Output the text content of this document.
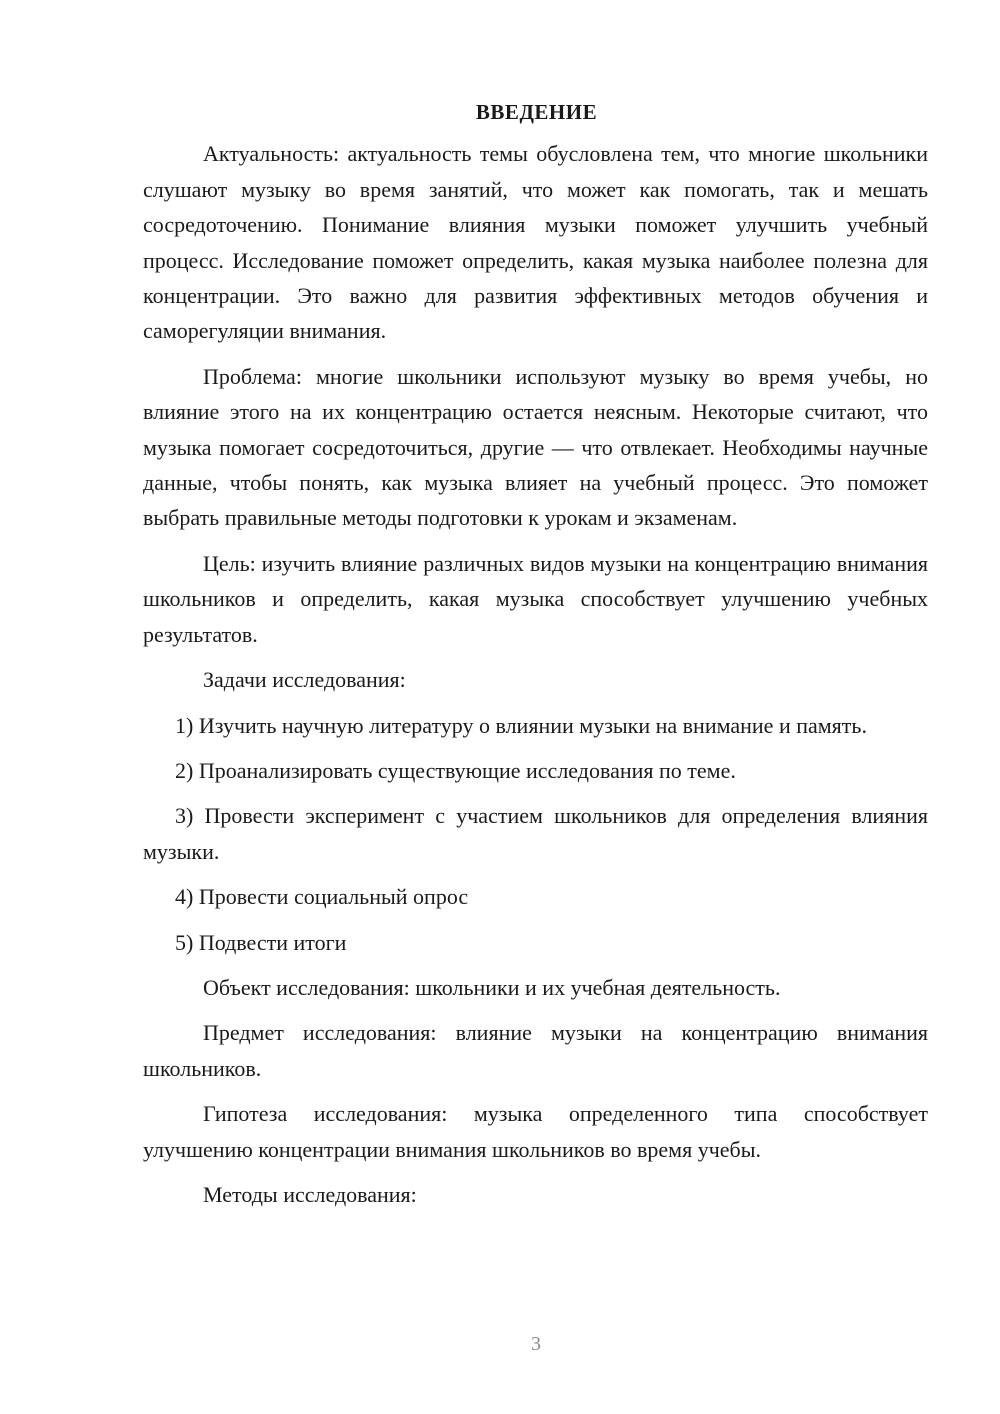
ВВЕДЕНИЕ

Актуальность: актуальность темы обусловлена тем, что многие школьники слушают музыку во время занятий, что может как помогать, так и мешать сосредоточению. Понимание влияния музыки поможет улучшить учебный процесс. Исследование поможет определить, какая музыка наиболее полезна для концентрации. Это важно для развития эффективных методов обучения и саморегуляции внимания.

Проблема: многие школьники используют музыку во время учебы, но влияние этого на их концентрацию остается неясным. Некоторые считают, что музыка помогает сосредоточиться, другие — что отвлекает. Необходимы научные данные, чтобы понять, как музыка влияет на учебный процесс. Это поможет выбрать правильные методы подготовки к урокам и экзаменам.

Цель: изучить влияние различных видов музыки на концентрацию внимания школьников и определить, какая музыка способствует улучшению учебных результатов.

Задачи исследования:

1) Изучить научную литературу о влиянии музыки на внимание и память.

2) Проанализировать существующие исследования по теме.

3) Провести эксперимент с участием школьников для определения влияния музыки.

4) Провести социальный опрос

5) Подвести итоги

Объект исследования: школьники и их учебная деятельность.

Предмет исследования: влияние музыки на концентрацию внимания школьников.

Гипотеза исследования: музыка определенного типа способствует улучшению концентрации внимания школьников во время учебы.

Методы исследования:

3
